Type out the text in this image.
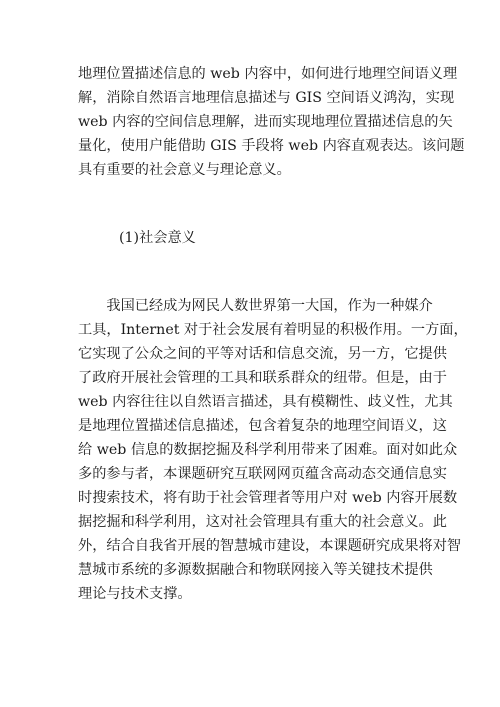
地理位置描述信息的 web 内容中，如何进行地理空间语义理
解，消除自然语言地理信息描述与 GIS 空间语义鸿沟，实现
web 内容的空间信息理解，进而实现地理位置描述信息的矢
量化，使用户能借助 GIS 手段将 web 内容直观表达。该问题
具有重要的社会意义与理论意义。
(1)社会意义
　　我国已经成为网民人数世界第一大国，作为一种媒介
工具，Internet 对于社会发展有着明显的积极作用。一方面，
它实现了公众之间的平等对话和信息交流，另一方，它提供
了政府开展社会管理的工具和联系群众的纽带。但是，由于
web 内容往往以自然语言描述，具有模糊性、歧义性，尤其
是地理位置描述信息描述，包含着复杂的地理空间语义，这
给 web 信息的数据挖掘及科学利用带来了困难。面对如此众
多的参与者，本课题研究互联网网页蕴含高动态交通信息实
时搜索技术，将有助于社会管理者等用户对 web 内容开展数
据挖掘和科学利用，这对社会管理具有重大的社会意义。此
外，结合自我省开展的智慧城市建设，本课题研究成果将对智
慧城市系统的多源数据融合和物联网接入等关键技术提供
理论与技术支撑。
